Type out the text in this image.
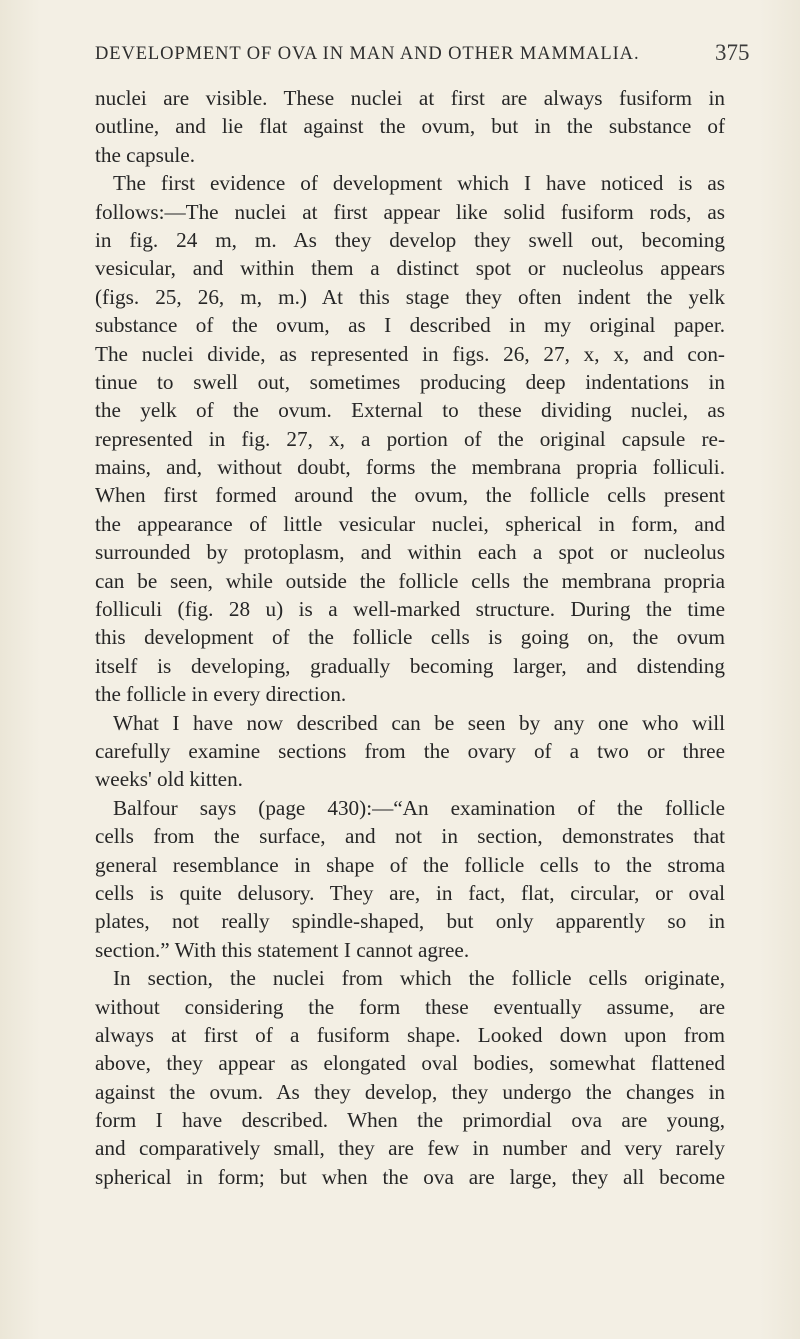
DEVELOPMENT OF OVA IN MAN AND OTHER MAMMALIA.	375
nuclei are visible. These nuclei at first are always fusiform in
outline, and lie flat against the ovum, but in the substance of
the capsule.
The first evidence of development which I have noticed is as
follows:—The nuclei at first appear like solid fusiform rods, as
in fig. 24 m, m. As they develop they swell out, becoming
vesicular, and within them a distinct spot or nucleolus appears
(figs. 25, 26, m, m.) At this stage they often indent the yelk
substance of the ovum, as I described in my original paper.
The nuclei divide, as represented in figs. 26, 27, x, x, and con-
tinue to swell out, sometimes producing deep indentations in
the yelk of the ovum. External to these dividing nuclei, as
represented in fig. 27, x, a portion of the original capsule re-
mains, and, without doubt, forms the membrana propria folliculi.
When first formed around the ovum, the follicle cells present
the appearance of little vesicular nuclei, spherical in form, and
surrounded by protoplasm, and within each a spot or nucleolus
can be seen, while outside the follicle cells the membrana propria
folliculi (fig. 28 u) is a well-marked structure. During the time
this development of the follicle cells is going on, the ovum
itself is developing, gradually becoming larger, and distending
the follicle in every direction.
What I have now described can be seen by any one who will
carefully examine sections from the ovary of a two or three
weeks' old kitten.
Balfour says (page 430):—“An examination of the follicle
cells from the surface, and not in section, demonstrates that
general resemblance in shape of the follicle cells to the stroma
cells is quite delusory. They are, in fact, flat, circular, or oval
plates, not really spindle-shaped, but only apparently so in
section.” With this statement I cannot agree.
In section, the nuclei from which the follicle cells originate,
without considering the form these eventually assume, are
always at first of a fusiform shape. Looked down upon from
above, they appear as elongated oval bodies, somewhat flattened
against the ovum. As they develop, they undergo the changes in
form I have described. When the primordial ova are young,
and comparatively small, they are few in number and very rarely
spherical in form; but when the ova are large, they all become
